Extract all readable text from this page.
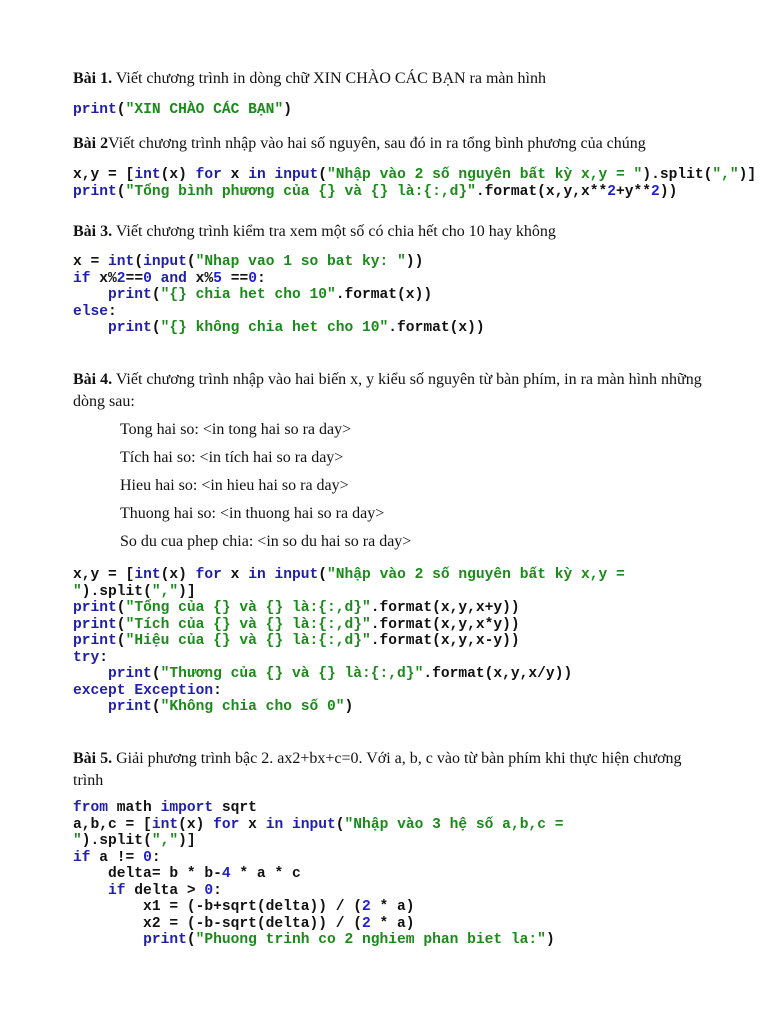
Bài 1. Viết chương trình in dòng chữ XIN CHÀO CÁC BẠN ra màn hình
print("XIN CHÀO CÁC BẠN")
Bài 2Viết chương trình nhập vào hai số nguyên, sau đó in ra tổng bình phương của chúng
x,y = [int(x) for x in input("Nhập vào 2 số nguyên bất kỳ x,y = ").split(",")]
print("Tổng bình phương của {} và {} là:{:,d}".format(x,y,x**2+y**2))
Bài 3. Viết chương trình kiểm tra xem một số có chia hết cho 10 hay không
x = int(input("Nhap vao 1 so bat ky: "))
if x%2==0 and x%5 ==0:
print("{} chia het cho 10".format(x))
else:
print("{} không chia het cho 10".format(x))
Bài 4. Viết chương trình nhập vào hai biến x, y kiểu số nguyên từ bàn phím, in ra màn hình những dòng sau:
Tong hai so: <in tong hai so ra day>
Tích hai so: <in tích hai so ra day>
Hieu hai so: <in hieu hai so ra day>
Thuong hai so: <in thuong hai so ra day>
So du cua phep chia: <in so du hai so ra day>
x,y = [int(x) for x in input("Nhập vào 2 số nguyên bất kỳ x,y =
").split(",")]
print("Tổng của {} và {} là:{:,d}".format(x,y,x+y))
print("Tích của {} và {} là:{:,d}".format(x,y,x*y))
print("Hiệu của {} và {} là:{:,d}".format(x,y,x-y))
try:
print("Thương của {} và {} là:{:,d}".format(x,y,x/y))
except Exception:
print("Không chia cho số 0")
Bài 5. Giải phương trình bậc 2. ax2+bx+c=0. Với a, b, c vào từ bàn phím khi thực hiện chương trình
from math import sqrt
a,b,c = [int(x) for x in input("Nhập vào 3 hệ số a,b,c =
").split(",")]
if a != 0:
delta= b * b-4 * a * c
if delta > 0:
x1 = (-b+sqrt(delta)) / (2 * a)
x2 = (-b-sqrt(delta)) / (2 * a)
print("Phuong trinh co 2 nghiem phan biet la:")
